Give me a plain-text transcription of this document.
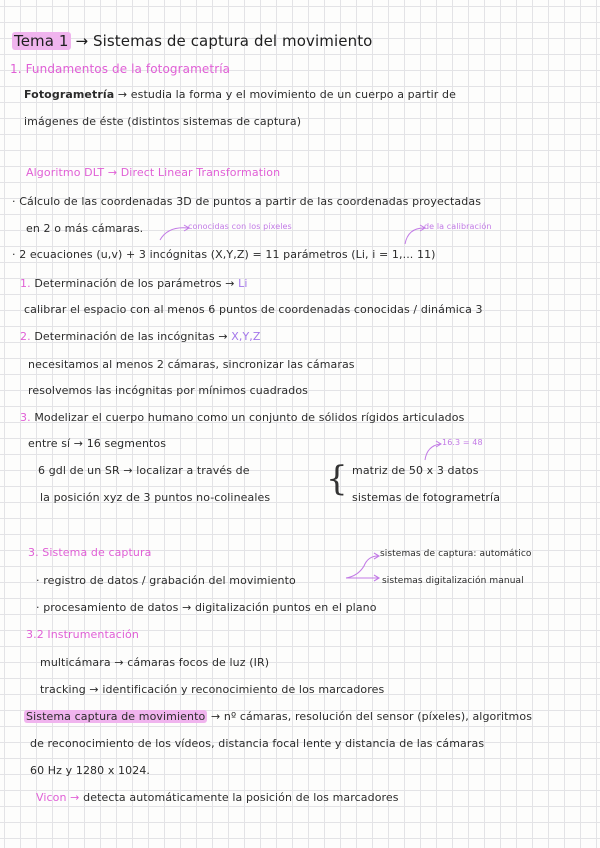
Tema 1 → Sistemas de captura del movimiento
1. Fundamentos de la fotogrametría
Fotogrametría → estudia la forma y el movimiento de un cuerpo a partir de
imágenes de éste (distintos sistemas de captura)
Algoritmo DLT → Direct Linear Transformation
· Cálculo de las coordenadas 3D de puntos a partir de las coordenadas proyectadas
en 2 o más cámaras.	conocidas con los píxeles	de la calibración
· 2 ecuaciones (u,v) + 3 incógnitas (X,Y,Z) = 11 parámetros (Li, i = 1,... 11)
1. Determinación de los parámetros → Li
calibrar el espacio con al menos 6 puntos de coordenadas conocidas / dinámica 3
2. Determinación de las incógnitas → X,Y,Z
necesitamos al menos 2 cámaras, sincronizar las cámaras
resolvemos las incógnitas por mínimos cuadrados
3. Modelizar el cuerpo humano como un conjunto de sólidos rígidos articulados
entre sí → 16 segmentos	16.3 = 48
6 gdl de un SR → localizar a través de
la posición xyz de 3 puntos no-colineales { matriz de 50 x 3 datos
sistemas de fotogrametría
3. Sistema de captura	sistemas de captura: automático
· registro de datos / grabación del movimiento	sistemas digitalización manual
· procesamiento de datos → digitalización puntos en el plano
3.2 Instrumentación
multicámara → cámaras focos de luz (IR)
tracking → identificación y reconocimiento de los marcadores
Sistema captura de movimiento → nº cámaras, resolución del sensor (píxeles), algoritmos
de reconocimiento de los vídeos, distancia focal lente y distancia de las cámaras
60 Hz y 1280 x 1024.
Vicon → detecta automáticamente la posición de los marcadores
